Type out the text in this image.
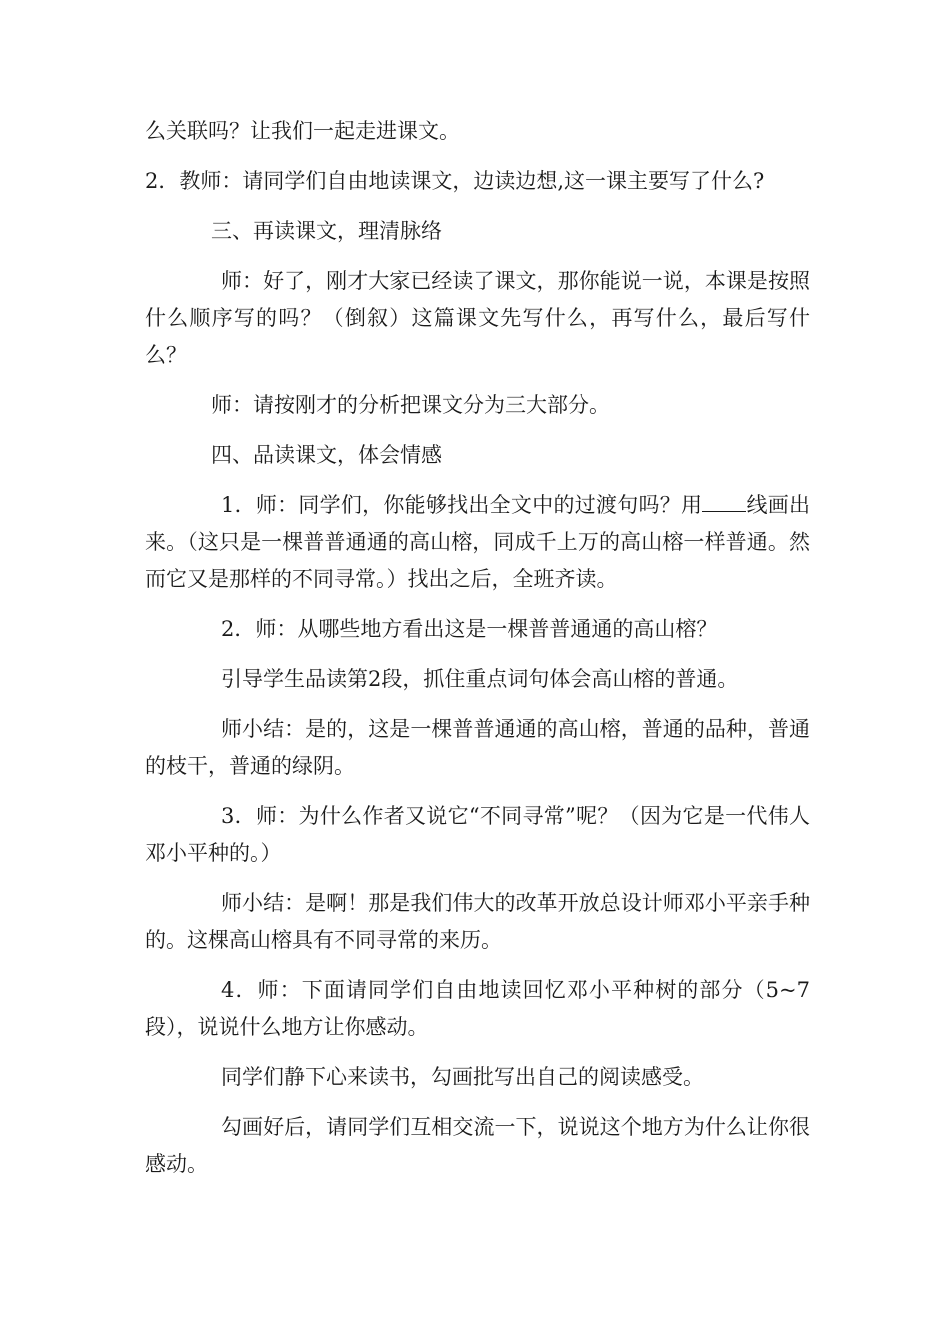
么关联吗？让我们一起走进课文。

2．教师：请同学们自由地读课文，边读边想,这一课主要写了什么?

三、再读课文，理清脉络

师：好了，刚才大家已经读了课文，那你能说一说，本课是按照什么顺序写的吗？（倒叙）这篇课文先写什么，再写什么，最后写什么？

师：请按刚才的分析把课文分为三大部分。

四、品读课文，体会情感

1．师：同学们，你能够找出全文中的过渡句吗？用 线画出来。（这只是一棵普普通通的高山榕，同成千上万的高山榕一样普通。然而它又是那样的不同寻常。）找出之后，全班齐读。

2．师：从哪些地方看出这是一棵普普通通的高山榕？

引导学生品读第2段，抓住重点词句体会高山榕的普通。

师小结：是的，这是一棵普普通通的高山榕，普通的品种，普通的枝干，普通的绿阴。

3．师：为什么作者又说它“不同寻常”呢？（因为它是一代伟人邓小平种的。）

师小结：是啊！那是我们伟大的改革开放总设计师邓小平亲手种的。这棵高山榕具有不同寻常的来历。

4．师：下面请同学们自由地读回忆邓小平种树的部分（5~7段），说说什么地方让你感动。

同学们静下心来读书，勾画批写出自己的阅读感受。

勾画好后，请同学们互相交流一下，说说这个地方为什么让你很感动。
